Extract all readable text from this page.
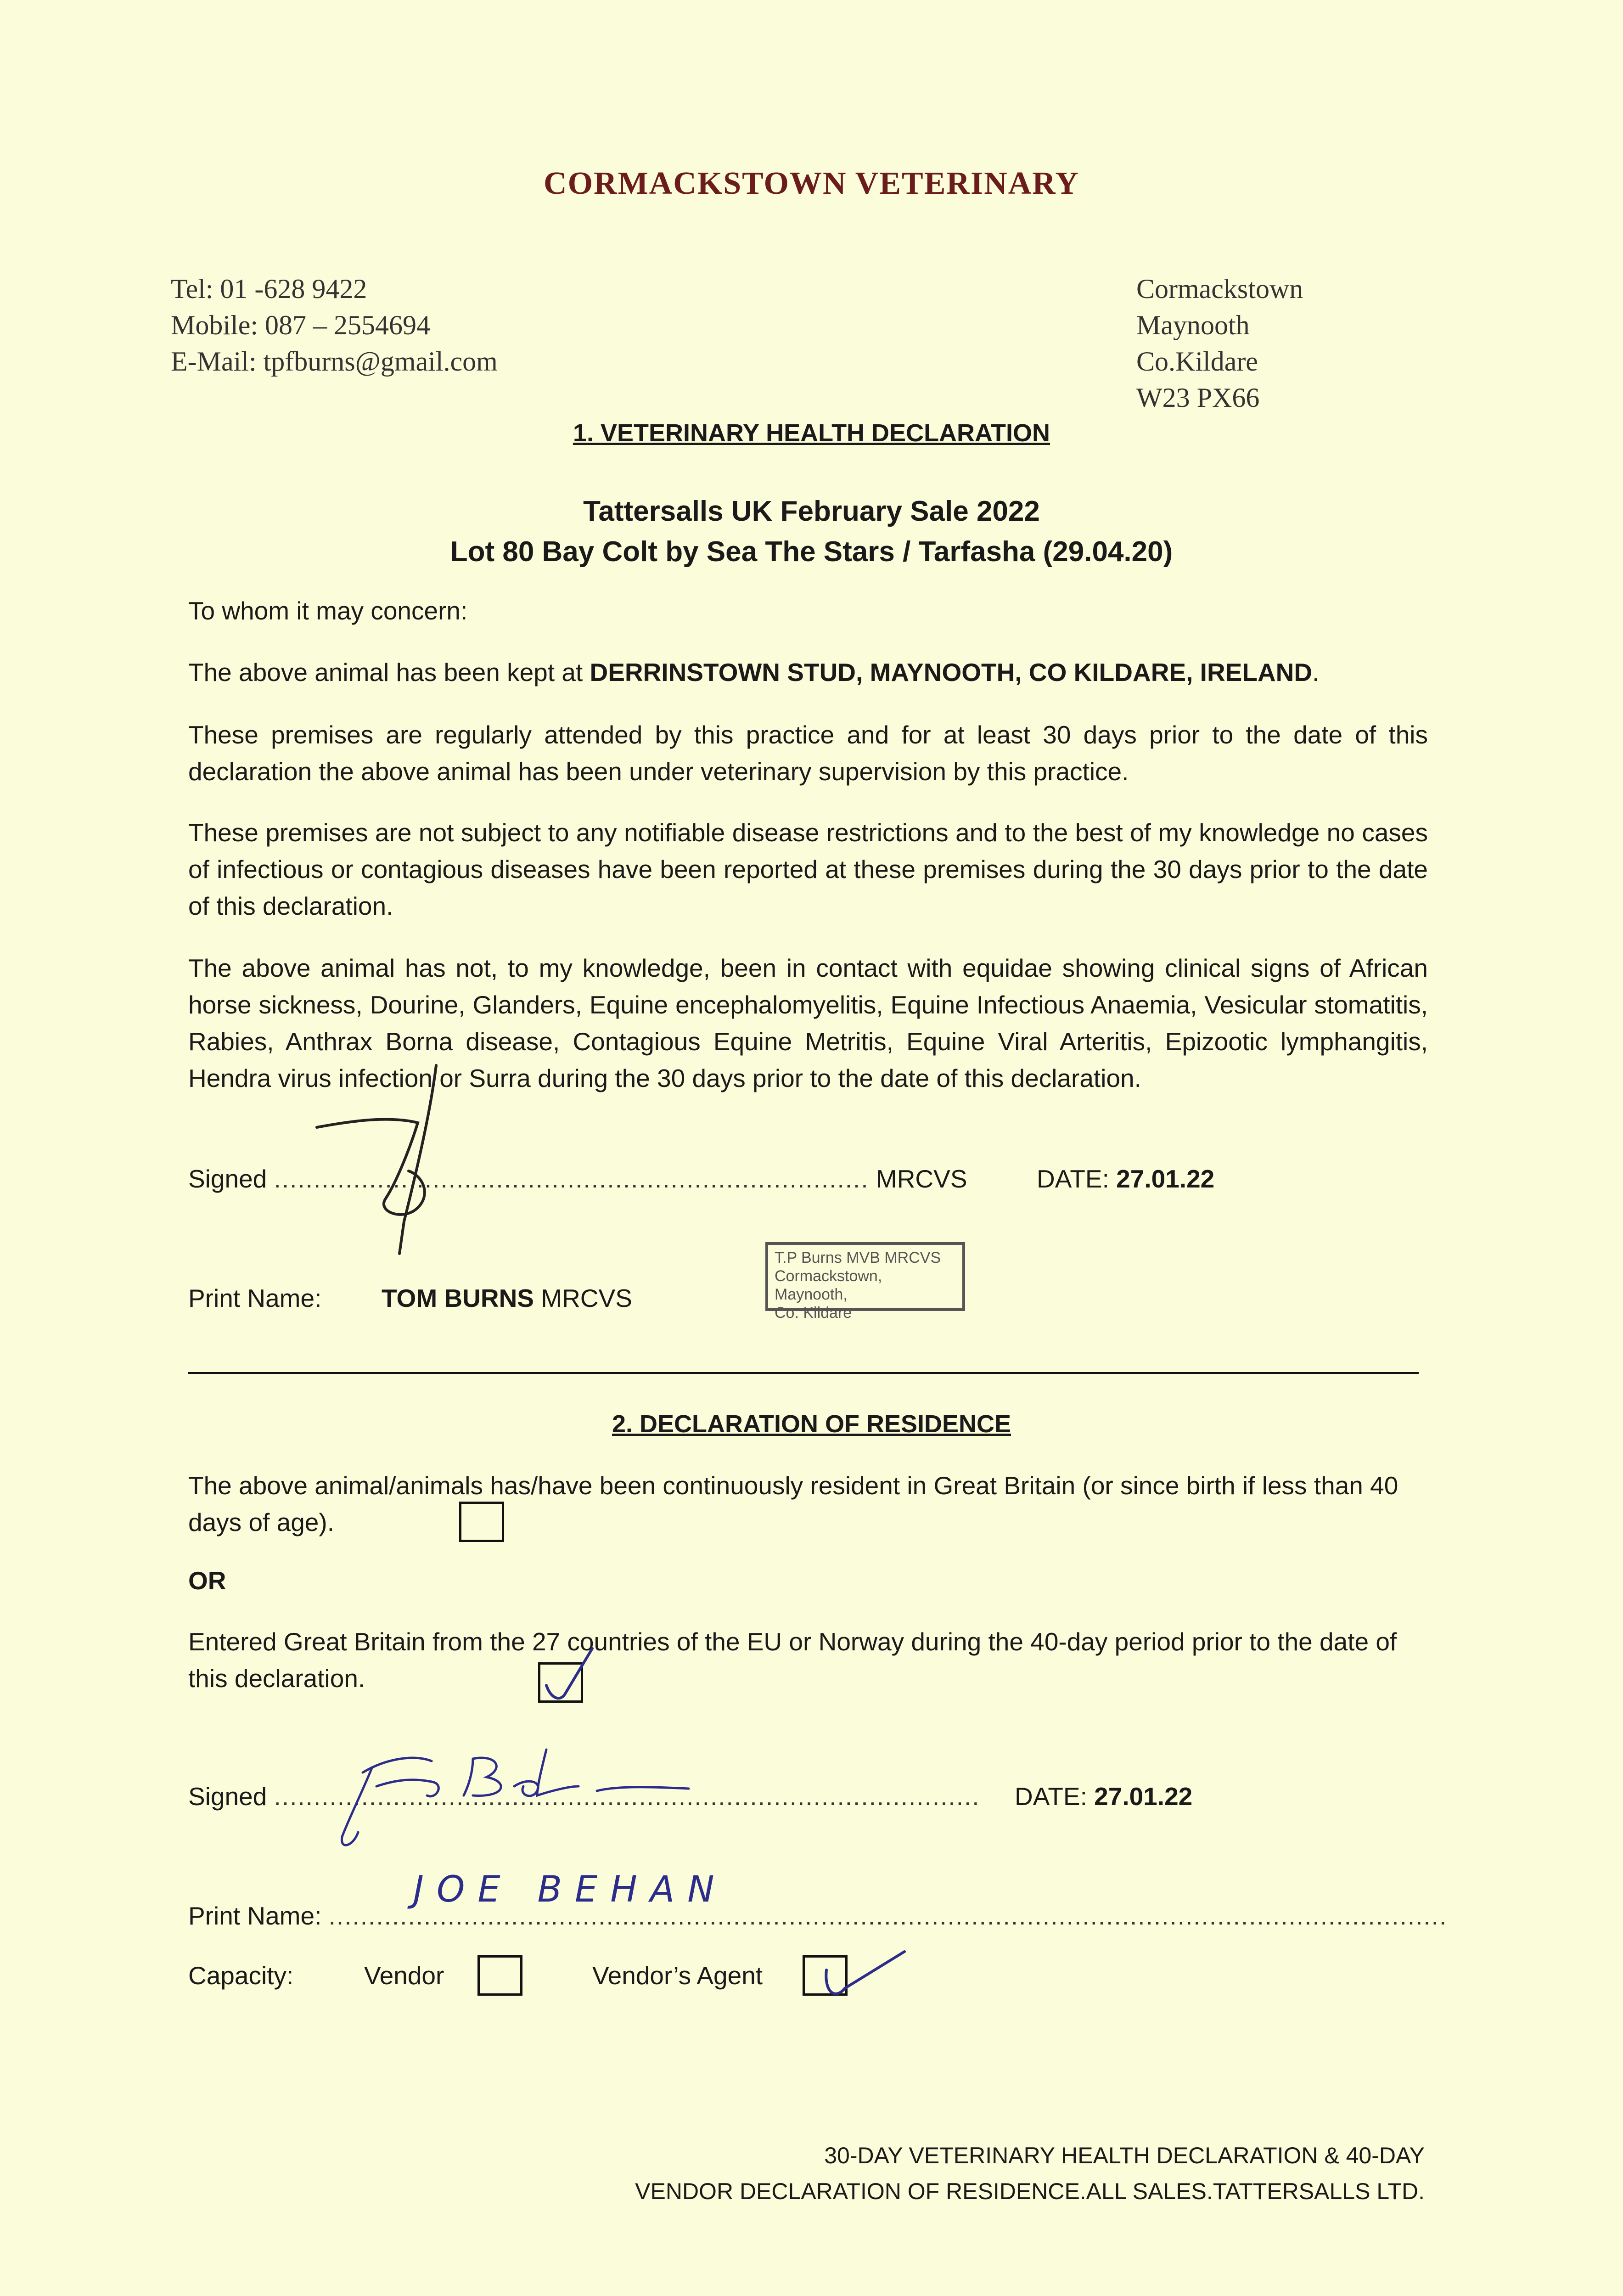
CORMACKSTOWN VETERINARY
Tel: 01 -628 9422
Mobile: 087 – 2554694
E-Mail: tpfburns@gmail.com
Cormackstown
Maynooth
Co.Kildare
W23 PX66
1. VETERINARY HEALTH DECLARATION
Tattersalls UK February Sale 2022
Lot 80 Bay Colt by Sea The Stars / Tarfasha (29.04.20)
To whom it may concern:
The above animal has been kept at DERRINSTOWN STUD, MAYNOOTH, CO KILDARE, IRELAND.
These premises are regularly attended by this practice and for at least 30 days prior to the date of this declaration the above animal has been under veterinary supervision by this practice.
These premises are not subject to any notifiable disease restrictions and to the best of my knowledge no cases of infectious or contagious diseases have been reported at these premises during the 30 days prior to the date of this declaration.
The above animal has not, to my knowledge, been in contact with equidae showing clinical signs of African horse sickness, Dourine, Glanders, Equine encephalomyelitis, Equine Infectious Anaemia, Vesicular stomatitis, Rabies, Anthrax Borna disease, Contagious Equine Metritis, Equine Viral Arteritis, Epizootic lymphangitis, Hendra virus infection or Surra during the 30 days prior to the date of this declaration.
Signed ........................................................................... MRCVS	DATE: 27.01.22
Print Name: TOM BURNS MRCVS
T.P Burns MVB MRCVS
Cormackstown, Maynooth,
Co. Kildare
2. DECLARATION OF RESIDENCE
The above animal/animals has/have been continuously resident in Great Britain (or since birth if less than 40 days of age).
OR
Entered Great Britain from the 27 countries of the EU or Norway during the 40-day period prior to the date of this declaration.
Signed ......................................................................................... DATE: 27.01.22
Print Name: .............................................................................................................................................
JOE BEHAN
Capacity:	Vendor	Vendor’s Agent
30-DAY VETERINARY HEALTH DECLARATION & 40-DAY
VENDOR DECLARATION OF RESIDENCE.ALL SALES.TATTERSALLS LTD.
